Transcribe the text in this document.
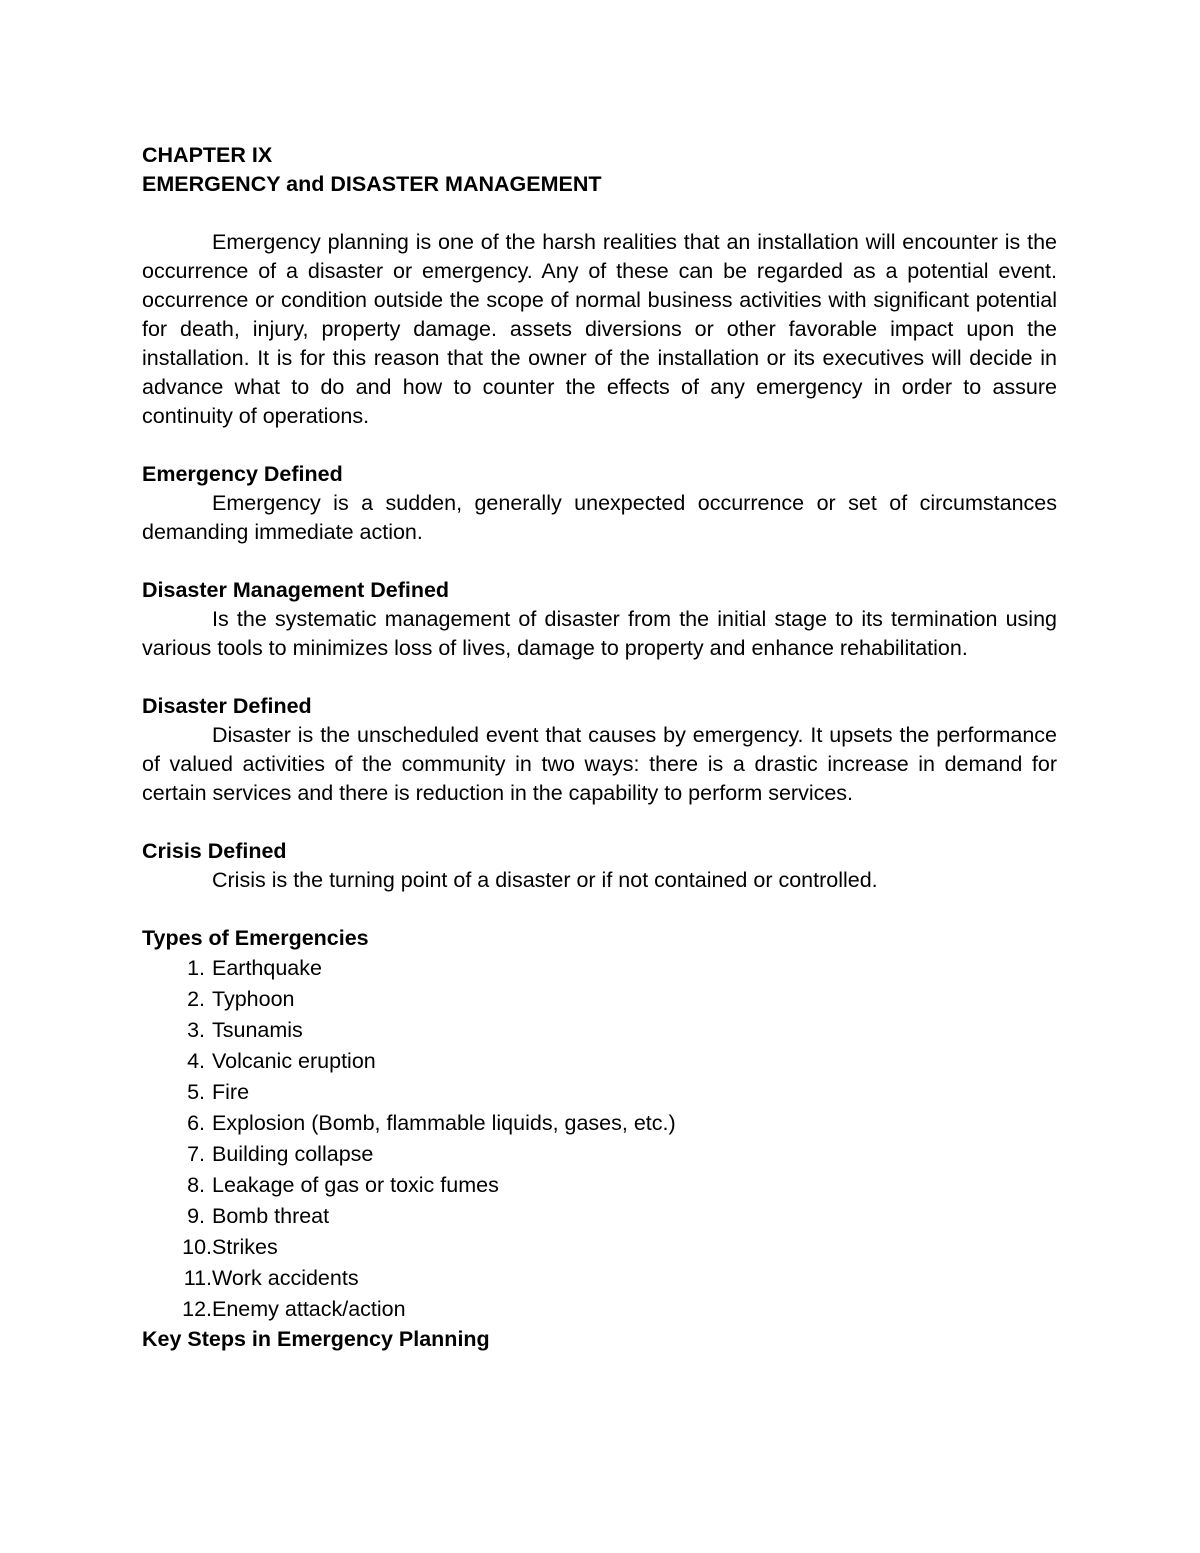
CHAPTER IX

EMERGENCY and DISASTER MANAGEMENT

Emergency planning is one of the harsh realities that an installation will encounter is the occurrence of a disaster or emergency. Any of these can be regarded as a potential event. occurrence or condition outside the scope of normal business activities with significant potential for death, injury, property damage. assets diversions or other favorable impact upon the installation. It is for this reason that the owner of the installation or its executives will decide in advance what to do and how to counter the effects of any emergency in order to assure continuity of operations.

Emergency Defined

Emergency is a sudden, generally unexpected occurrence or set of circumstances demanding immediate action.

Disaster Management Defined

Is the systematic management of disaster from the initial stage to its termination using various tools to minimizes loss of lives, damage to property and enhance rehabilitation.

Disaster Defined

Disaster is the unscheduled event that causes by emergency. It upsets the performance of valued activities of the community in two ways: there is a drastic increase in demand for certain services and there is reduction in the capability to perform services.

Crisis Defined

Crisis is the turning point of a disaster or if not contained or controlled.

Types of Emergencies

1. Earthquake
2. Typhoon
3. Tsunamis
4. Volcanic eruption
5. Fire
6. Explosion (Bomb, flammable liquids, gases, etc.)
7. Building collapse
8. Leakage of gas or toxic fumes
9. Bomb threat
10. Strikes
11. Work accidents
12. Enemy attack/action

Key Steps in Emergency Planning
